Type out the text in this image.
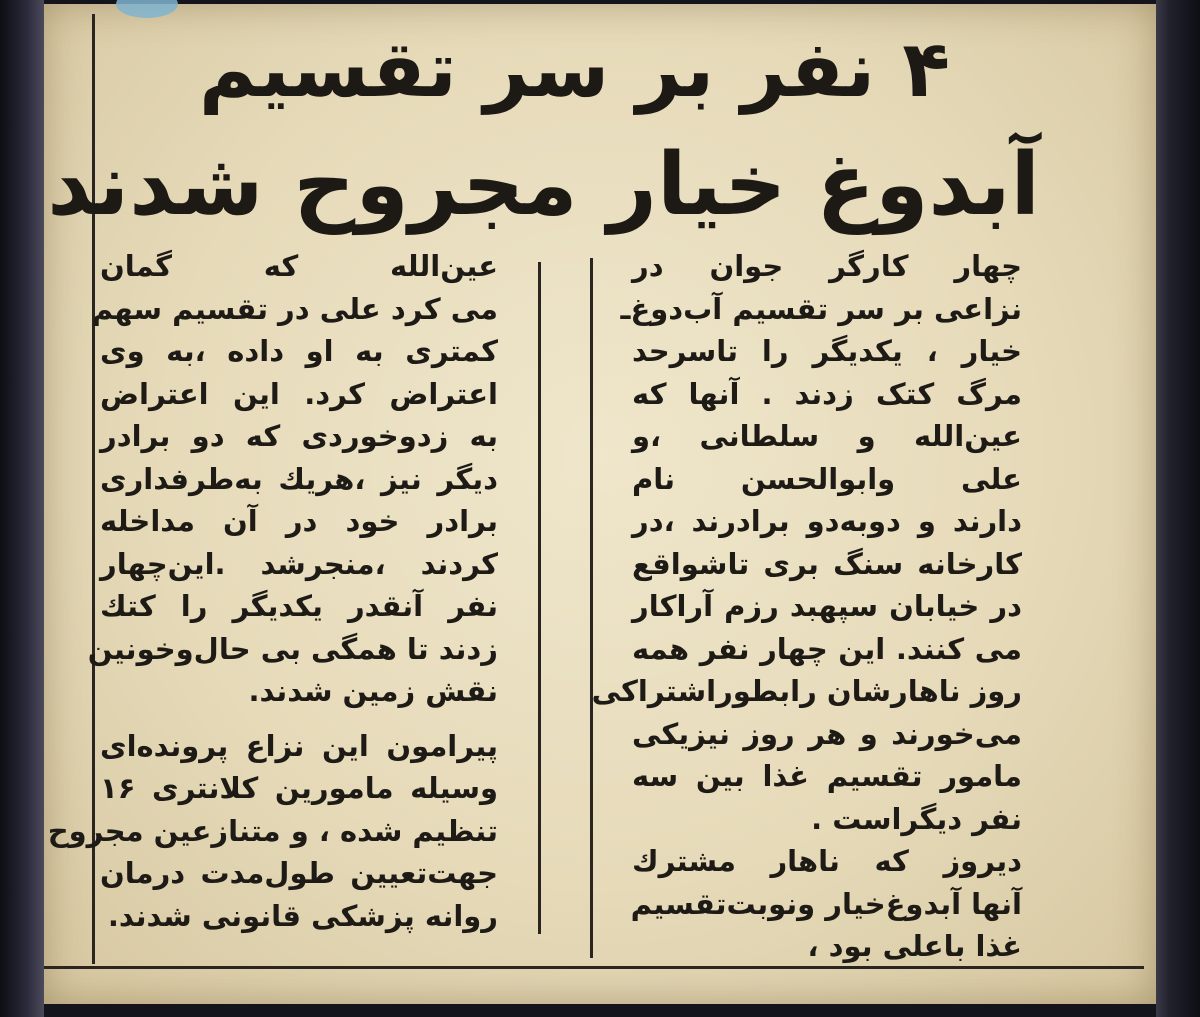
۴ نفر بر سر تقسیم
آبدوغ خیار مجروح شدند
چهار کارگر جوان در
نزاعی بر سر تقسیم آب‌دوغ‌ـ
خیار ، یکدیگر را تاسرحد
مرگ کتک زدند . آنها که
عین‌الله و سلطانی ،و
علی وابوالحسن نام
دارند و دوبه‌دو برادرند ،در
کارخانه سنگ بری تاشواقع
در خیابان سپهبد رزم آراکار
می کنند. این چهار نفر همه
روز ناهارشان رابطوراشتراکی
می‌خورند و هر روز نیزیکی
مامور تقسیم غذا بین سه
نفر دیگراست .
دیروز که ناهار مشترك
آنها آبدوغ‌خیار ونوبت‌تقسیم
غذا باعلی بود ،
عین‌الله که گمان
می کرد علی در تقسیم سهم
کمتری به او داده ،به وی
اعتراض کرد. این اعتراض
به زدوخوردی که دو برادر
دیگر نیز ،هریك به‌طرفداری
برادر خود در آن مداخله
کردند ،منجرشد .این‌چهار
نفر آنقدر یکدیگر را کتك
زدند تا همگی بی حال‌وخونین
نقش زمین شدند.
پیرامون این نزاع پرونده‌ای
وسیله مامورین کلانتری ۱۶
تنظیم شده ، و متنازعین مجروح
جهت‌تعیین طول‌مدت درمان
روانه پزشکی قانونی شدند.
